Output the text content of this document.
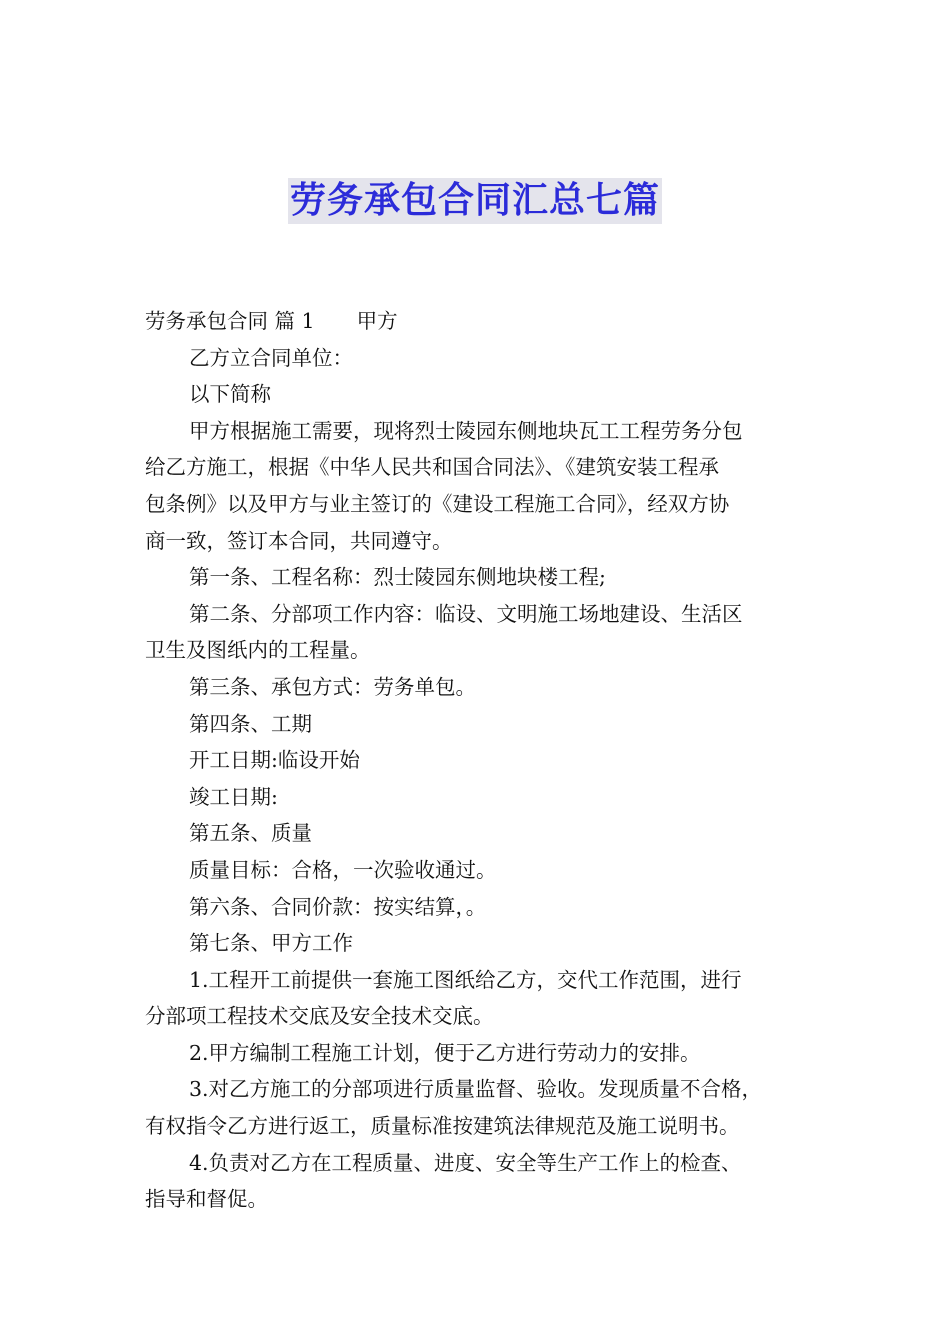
劳务承包合同汇总七篇

劳务承包合同 篇 1 甲方

乙方立合同单位：

以下简称

甲方根据施工需要，现将烈士陵园东侧地块瓦工工程劳务分包

给乙方施工，根据《中华人民共和国合同法》、《建筑安装工程承

包条例》以及甲方与业主签订的《建设工程施工合同》，经双方协

商一致，签订本合同，共同遵守。

第一条、工程名称：烈士陵园东侧地块楼工程;

第二条、分部项工作内容：临设、文明施工场地建设、生活区

卫生及图纸内的工程量。

第三条、承包方式：劳务单包。

第四条、工期

开工日期:临设开始

竣工日期:

第五条、质量

质量目标：合格，一次验收通过。

第六条、合同价款：按实结算，。

第七条、甲方工作

1.工程开工前提供一套施工图纸给乙方，交代工作范围，进行

分部项工程技术交底及安全技术交底。

2.甲方编制工程施工计划，便于乙方进行劳动力的安排。

3.对乙方施工的分部项进行质量监督、验收。发现质量不合格，

有权指令乙方进行返工，质量标准按建筑法律规范及施工说明书。

4.负责对乙方在工程质量、进度、安全等生产工作上的检查、

指导和督促。
